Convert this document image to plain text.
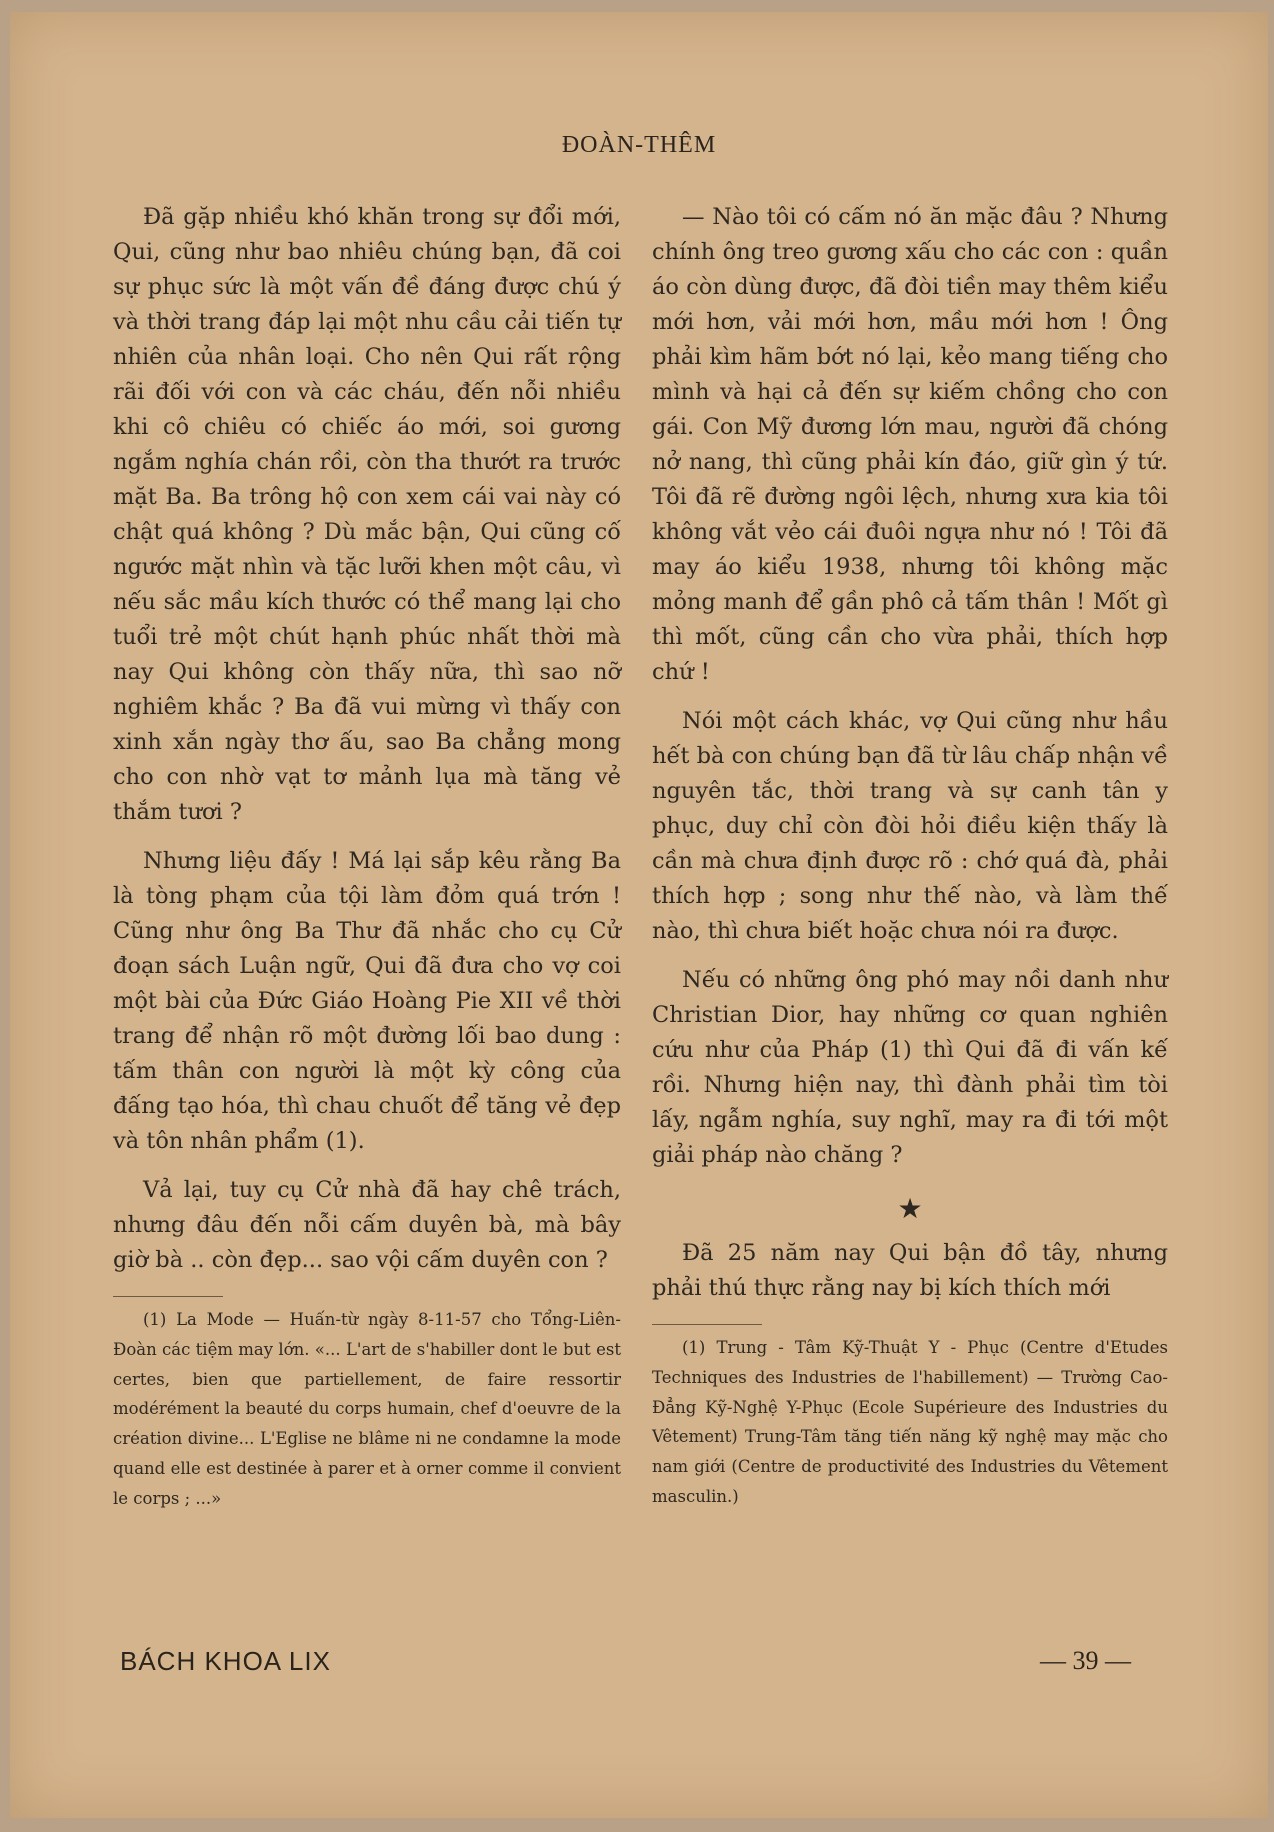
ĐOÀN-THÊM

Đã gặp nhiều khó khăn trong sự đổi mới, Qui, cũng như bao nhiêu chúng bạn, đã coi sự phục sức là một vấn đề đáng được chú ý và thời trang đáp lại một nhu cầu cải tiến tự nhiên của nhân loại. Cho nên Qui rất rộng rãi đối với con và các cháu, đến nỗi nhiều khi cô chiêu có chiếc áo mới, soi gương ngắm nghía chán rồi, còn tha thướt ra trước mặt Ba. Ba trông hộ con xem cái vai này có chật quá không ? Dù mắc bận, Qui cũng cố ngước mặt nhìn và tặc lưỡi khen một câu, vì nếu sắc mầu kích thước có thể mang lại cho tuổi trẻ một chút hạnh phúc nhất thời mà nay Qui không còn thấy nữa, thì sao nỡ nghiêm khắc ? Ba đã vui mừng vì thấy con xinh xắn ngày thơ ấu, sao Ba chẳng mong cho con nhờ vạt tơ mảnh lụa mà tăng vẻ thắm tươi ?

Nhưng liệu đấy ! Má lại sắp kêu rằng Ba là tòng phạm của tội làm đỏm quá trớn ! Cũng như ông Ba Thư đã nhắc cho cụ Cử đoạn sách Luận ngữ, Qui đã đưa cho vợ coi một bài của Đức Giáo Hoàng Pie XII về thời trang để nhận rõ một đường lối bao dung : tấm thân con người là một kỳ công của đấng tạo hóa, thì chau chuốt để tăng vẻ đẹp và tôn nhân phẩm (1).

Vả lại, tuy cụ Cử nhà đã hay chê trách, nhưng đâu đến nỗi cấm duyên bà, mà bây giờ bà .. còn đẹp... sao vội cấm duyên con ?

(1) La Mode — Huấn-từ ngày 8-11-57 cho Tổng-Liên-Đoàn các tiệm may lớn. «... L'art de s'habiller dont le but est certes, bien que partiellement, de faire ressortir modérément la beauté du corps humain, chef d'oeuvre de la création divine... L'Eglise ne blâme ni ne condamne la mode quand elle est destinée à parer et à orner comme il convient le corps ; ...»

— Nào tôi có cấm nó ăn mặc đâu ? Nhưng chính ông treo gương xấu cho các con : quần áo còn dùng được, đã đòi tiền may thêm kiểu mới hơn, vải mới hơn, mầu mới hơn ! Ông phải kìm hãm bớt nó lại, kẻo mang tiếng cho mình và hại cả đến sự kiếm chồng cho con gái. Con Mỹ đương lớn mau, người đã chóng nở nang, thì cũng phải kín đáo, giữ gìn ý tứ. Tôi đã rẽ đường ngôi lệch, nhưng xưa kia tôi không vắt vẻo cái đuôi ngựa như nó ! Tôi đã may áo kiểu 1938, nhưng tôi không mặc mỏng manh để gần phô cả tấm thân ! Mốt gì thì mốt, cũng cần cho vừa phải, thích hợp chứ !

Nói một cách khác, vợ Qui cũng như hầu hết bà con chúng bạn đã từ lâu chấp nhận về nguyên tắc, thời trang và sự canh tân y phục, duy chỉ còn đòi hỏi điều kiện thấy là cần mà chưa định được rõ : chớ quá đà, phải thích hợp ; song như thế nào, và làm thế nào, thì chưa biết hoặc chưa nói ra được.

Nếu có những ông phó may nồi danh như Christian Dior, hay những cơ quan nghiên cứu như của Pháp (1) thì Qui đã đi vấn kế rồi. Nhưng hiện nay, thì đành phải tìm tòi lấy, ngẫm nghía, suy nghĩ, may ra đi tới một giải pháp nào chăng ?

★

Đã 25 năm nay Qui bận đồ tây, nhưng phải thú thực rằng nay bị kích thích mới

(1) Trung - Tâm Kỹ-Thuật Y - Phục (Centre d'Etudes Techniques des Industries de l'habillement) — Trường Cao-Đẳng Kỹ-Nghệ Y-Phục (Ecole Supérieure des Industries du Vêtement) Trung-Tâm tăng tiến năng kỹ nghệ may mặc cho nam giới (Centre de productivité des Industries du Vêtement masculin.)

BÁCH KHOA LIX	— 39 —
